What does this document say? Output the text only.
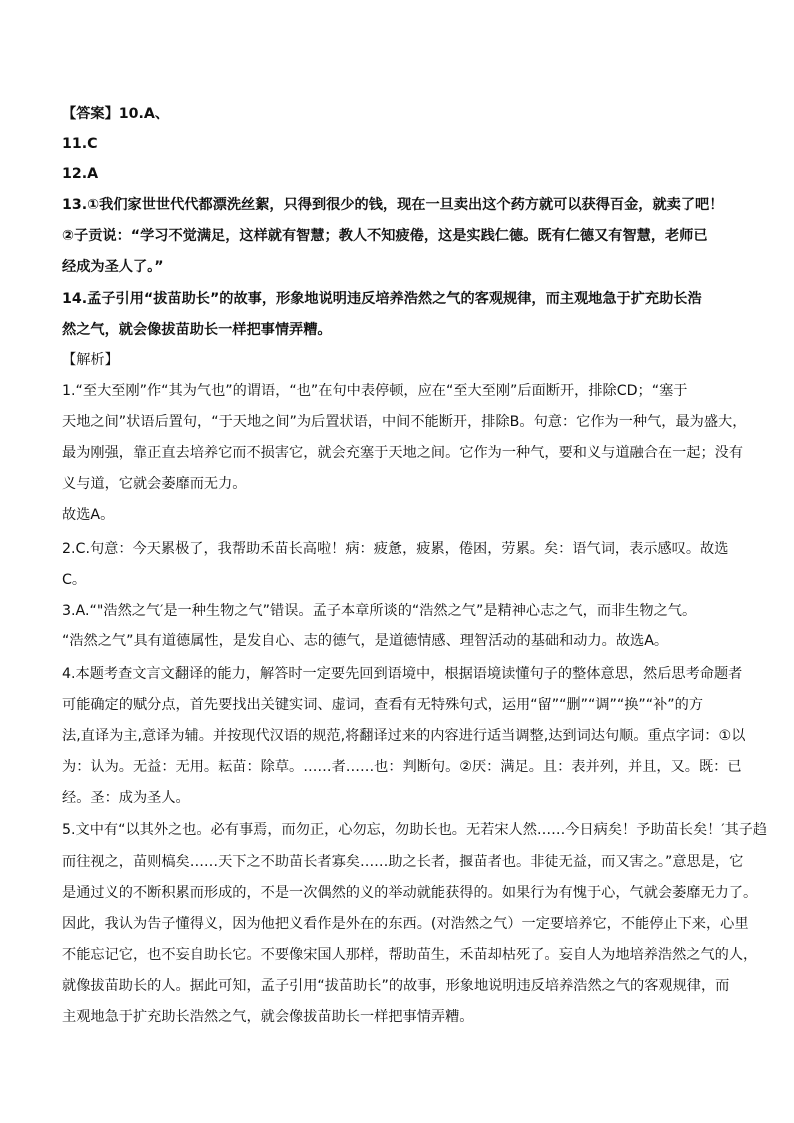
【答案】10.A、
11.C
12.A
13.①我们家世世代代都漂洗丝絮，只得到很少的钱，现在一旦卖出这个药方就可以获得百金，就卖了吧！
②子贡说：“学习不觉满足，这样就有智慧；教人不知疲倦，这是实践仁德。既有仁德又有智慧，老师已
经成为圣人了。”
14.孟子引用“拔苗助长”的故事，形象地说明违反培养浩然之气的客观规律，而主观地急于扩充助长浩
然之气，就会像拔苗助长一样把事情弄糟。
【解析】
1.“至大至刚”作“其为气也”的谓语，“也”在句中表停顿，应在“至大至刚”后面断开，排除CD；“塞于
天地之间”状语后置句，“于天地之间”为后置状语，中间不能断开，排除B。句意：它作为一种气，最为盛大，
最为刚强，靠正直去培养它而不损害它，就会充塞于天地之间。它作为一种气，要和义与道融合在一起；没有
义与道，它就会萎靡而无力。
故选A。
2.C.句意：今天累极了，我帮助禾苗长高啦！病：疲惫，疲累，倦困，劳累。矣：语气词，表示感叹。故选
C。
3.A.“"浩然之气′是一种生物之气”错误。孟子本章所谈的“浩然之气”是精神心志之气，而非生物之气。
“浩然之气”具有道德属性，是发自心、志的德气，是道德情感、理智活动的基础和动力。故选A。
4.本题考查文言文翻译的能力，解答时一定要先回到语境中，根据语境读懂句子的整体意思，然后思考命题者
可能确定的赋分点，首先要找出关键实词、虚词，查看有无特殊句式，运用“留”“删”“调”“换”“补”的方
法,直译为主,意译为辅。并按现代汉语的规范,将翻译过来的内容进行适当调整,达到词达句顺。重点字词：①以
为：认为。无益：无用。耘苗：除草。……者……也：判断句。②厌：满足。且：表并列，并且，又。既：已
经。圣：成为圣人。
5.文中有“以其外之也。必有事焉，而勿正，心勿忘，勿助长也。无若宋人然……今日病矣！予助苗长矣！′其子趋
而往视之，苗则槁矣……天下之不助苗长者寡矣……助之长者，揠苗者也。非徒无益，而又害之。”意思是，它
是通过义的不断积累而形成的，不是一次偶然的义的举动就能获得的。如果行为有愧于心，气就会萎靡无力了。
因此，我认为告子懂得义，因为他把义看作是外在的东西。(对浩然之气）一定要培养它，不能停止下来，心里
不能忘记它，也不妄自助长它。不要像宋国人那样，帮助苗生，禾苗却枯死了。妄自人为地培养浩然之气的人，
就像拔苗助长的人。据此可知，孟子引用“拔苗助长”的故事，形象地说明违反培养浩然之气的客观规律，而
主观地急于扩充助长浩然之气，就会像拔苗助长一样把事情弄糟。
